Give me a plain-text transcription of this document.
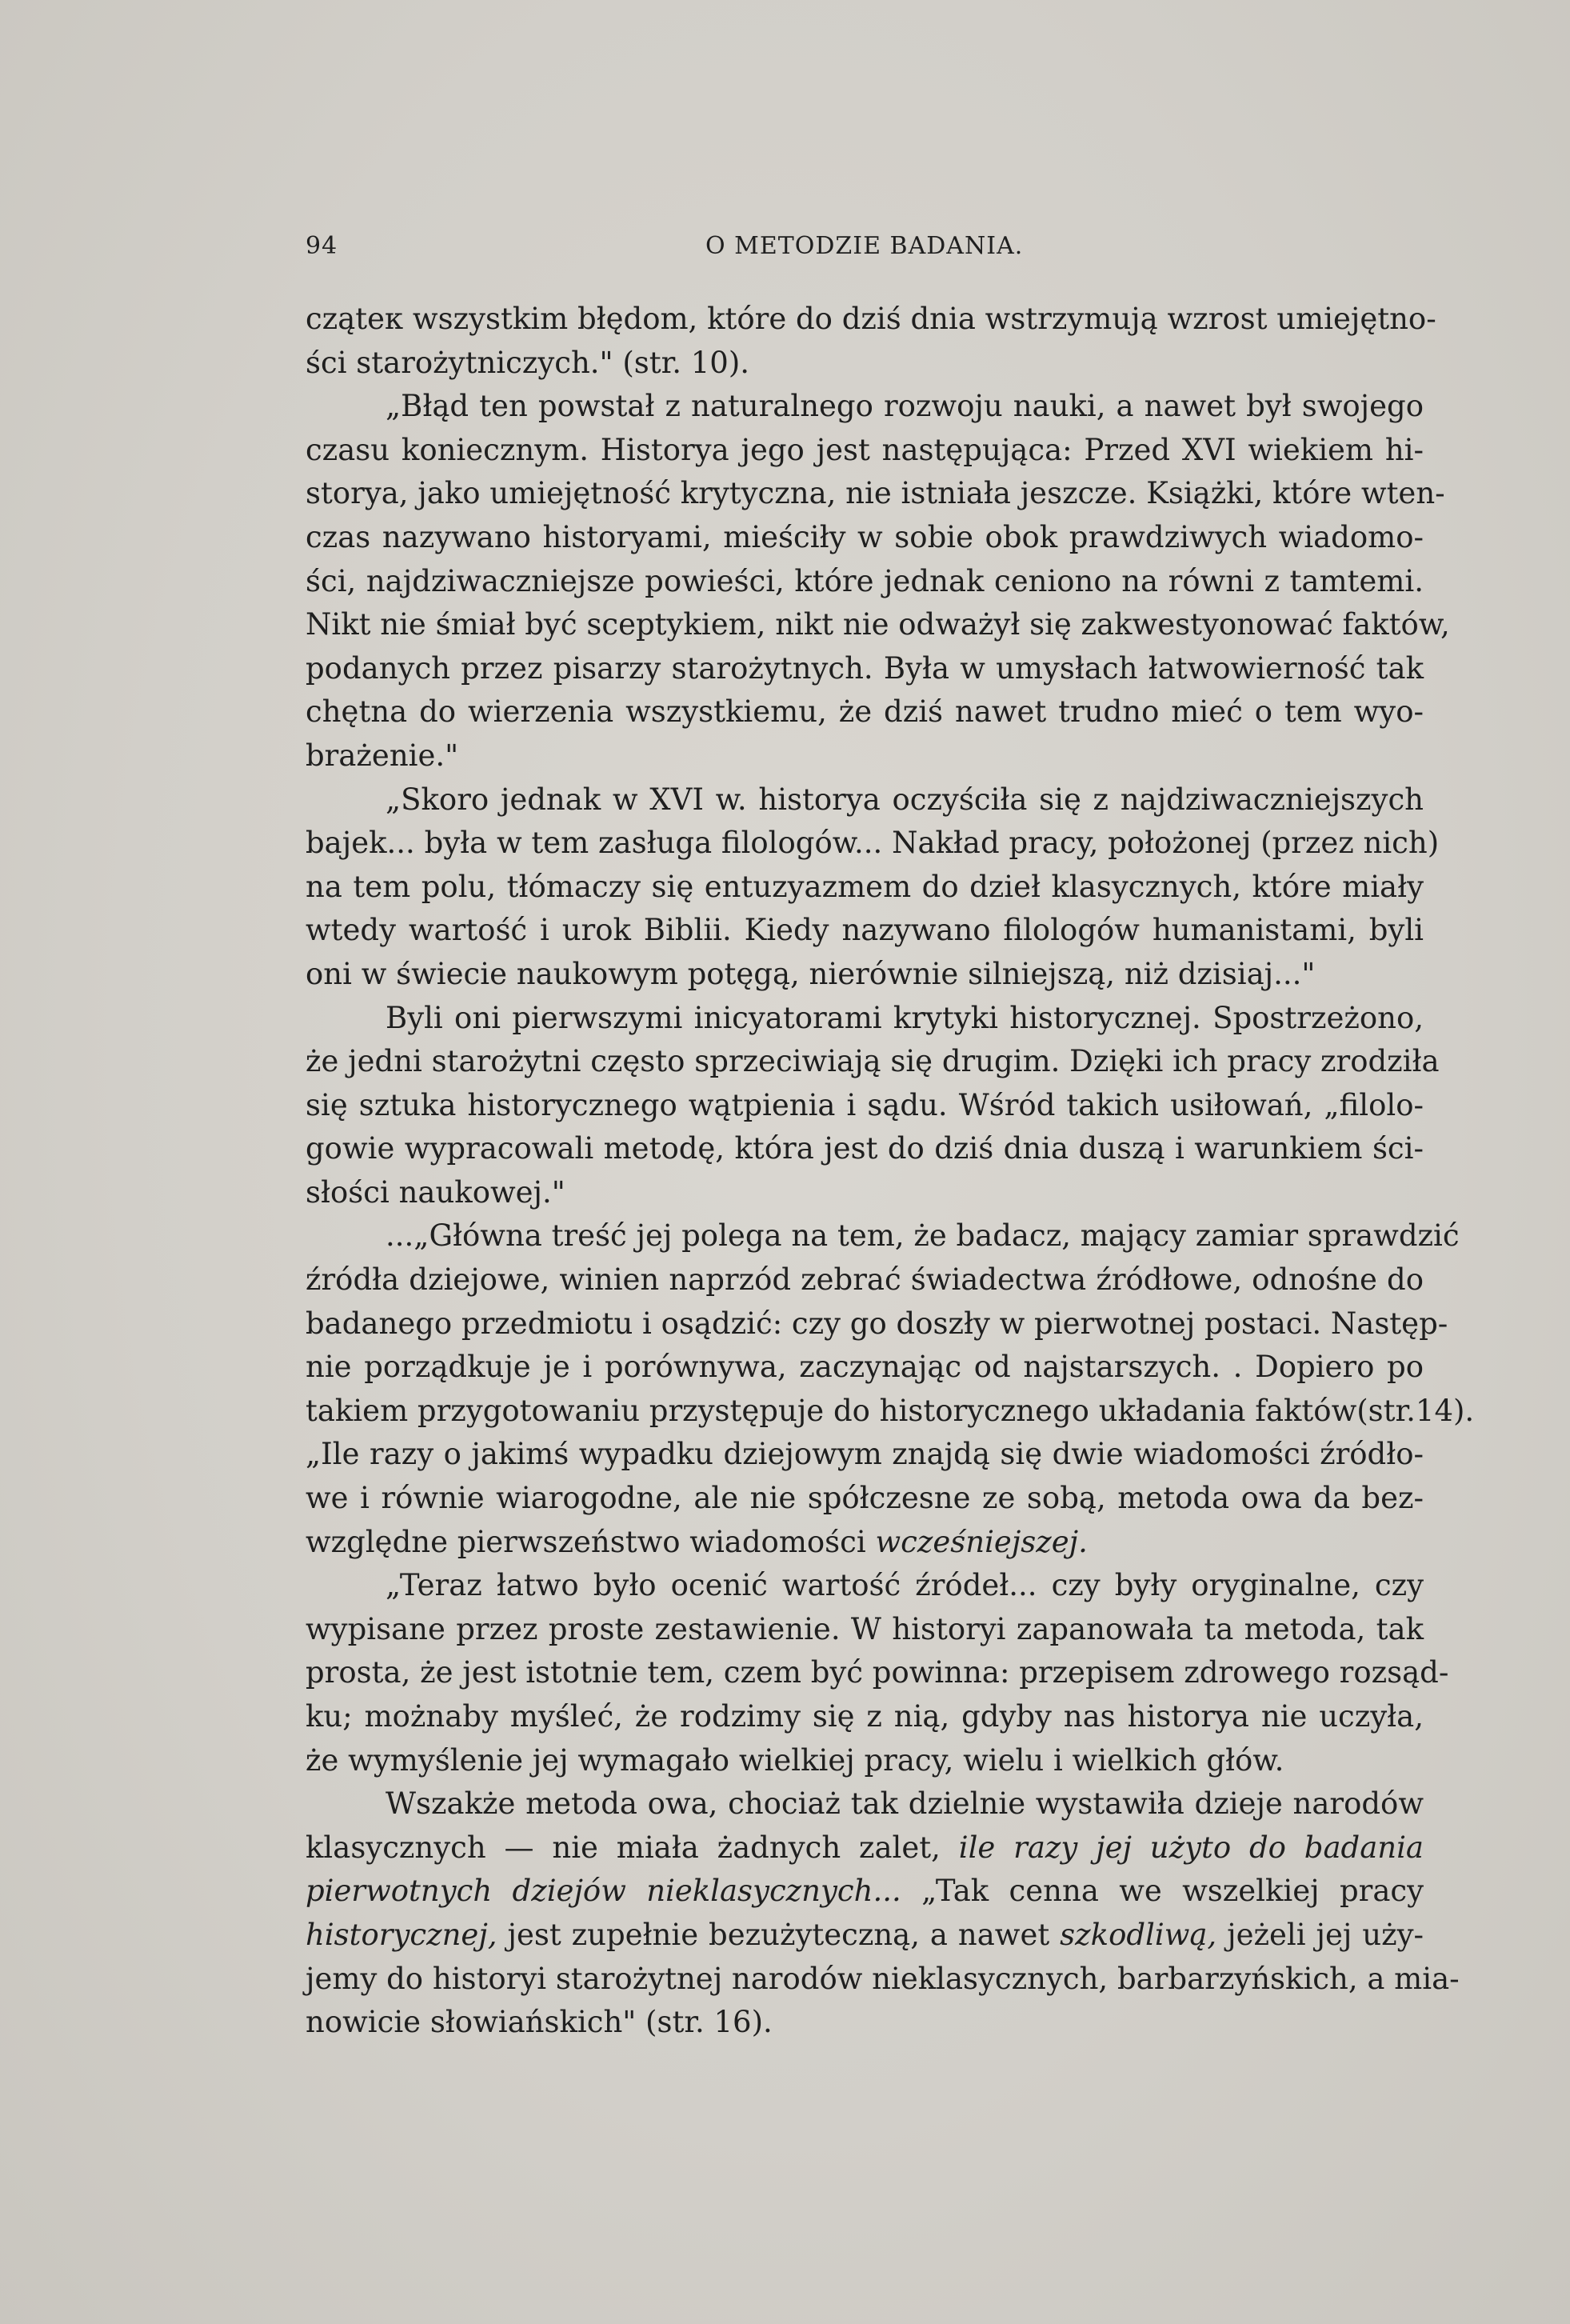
94	O METODZIE BADANIA.
cząteк wszystkim błędom, które do dziś dnia wstrzymują wzrost umiejętno-
ści starożytniczych." (str. 10).
„Błąd ten powstał z naturalnego rozwoju nauki, a nawet był swojego
czasu koniecznym. Historya jego jest następująca: Przed XVI wiekiem hi-
storya, jako umiejętność krytyczna, nie istniała jeszcze. Książki, które wten-
czas nazywano historyami, mieściły w sobie obok prawdziwych wiadomo-
ści, najdziwaczniejsze powieści, które jednak ceniono na równi z tamtemi.
Nikt nie śmiał być sceptykiem, nikt nie odważył się zakwestyonować faktów,
podanych przez pisarzy starożytnych. Była w umysłach łatwowierność tak
chętna do wierzenia wszystkiemu, że dziś nawet trudno mieć o tem wyo-
brażenie."
„Skoro jednak w XVI w. historya oczyściła się z najdziwaczniejszych
bajek... była w tem zasługa filologów... Nakład pracy, położonej (przez nich)
na tem polu, tłómaczy się entuzyazmem do dzieł klasycznych, które miały
wtedy wartość i urok Biblii. Kiedy nazywano filologów humanistami, byli
oni w świecie naukowym potęgą, nierównie silniejszą, niż dzisiaj..."
Byli oni pierwszymi inicyatorami krytyki historycznej. Spostrzeżono,
że jedni starożytni często sprzeciwiają się drugim. Dzięki ich pracy zrodziła
się sztuka historycznego wątpienia i sądu. Wśród takich usiłowań, „filolo-
gowie wypracowali metodę, która jest do dziś dnia duszą i warunkiem ści-
słości naukowej."
...„Główna treść jej polega na tem, że badacz, mający zamiar sprawdzić
źródła dziejowe, winien naprzód zebrać świadectwa źródłowe, odnośne do
badanego przedmiotu i osądzić: czy go doszły w pierwotnej postaci. Następ-
nie porządkuje je i porównywa, zaczynając od najstarszych. . Dopiero po
takiem przygotowaniu przystępuje do historycznego układania faktów(str.14).
„Ile razy o jakimś wypadku dziejowym znajdą się dwie wiadomości źródło-
we i równie wiarogodne, ale nie spółczesne ze sobą, metoda owa da bez-
względne pierwszeństwo wiadomości wcześniejszej.
„Teraz łatwo było ocenić wartość źródeł... czy były oryginalne, czy
wypisane przez proste zestawienie. W historyi zapanowała ta metoda, tak
prosta, że jest istotnie tem, czem być powinna: przepisem zdrowego rozsąd-
ku; możnaby myśleć, że rodzimy się z nią, gdyby nas historya nie uczyła,
że wymyślenie jej wymagało wielkiej pracy, wielu i wielkich głów.
Wszakże metoda owa, chociaż tak dzielnie wystawiła dzieje narodów
klasycznych — nie miała żadnych zalet, ile razy jej użyto do badania
pierwotnych dziejów nieklasycznych... „Tak cenna we wszelkiej pracy
historycznej, jest zupełnie bezużyteczną, a nawet szkodliwą, jeżeli jej uży-
jemy do historyi starożytnej narodów nieklasycznych, barbarzyńskich, a mia-
nowicie słowiańskich" (str. 16).
